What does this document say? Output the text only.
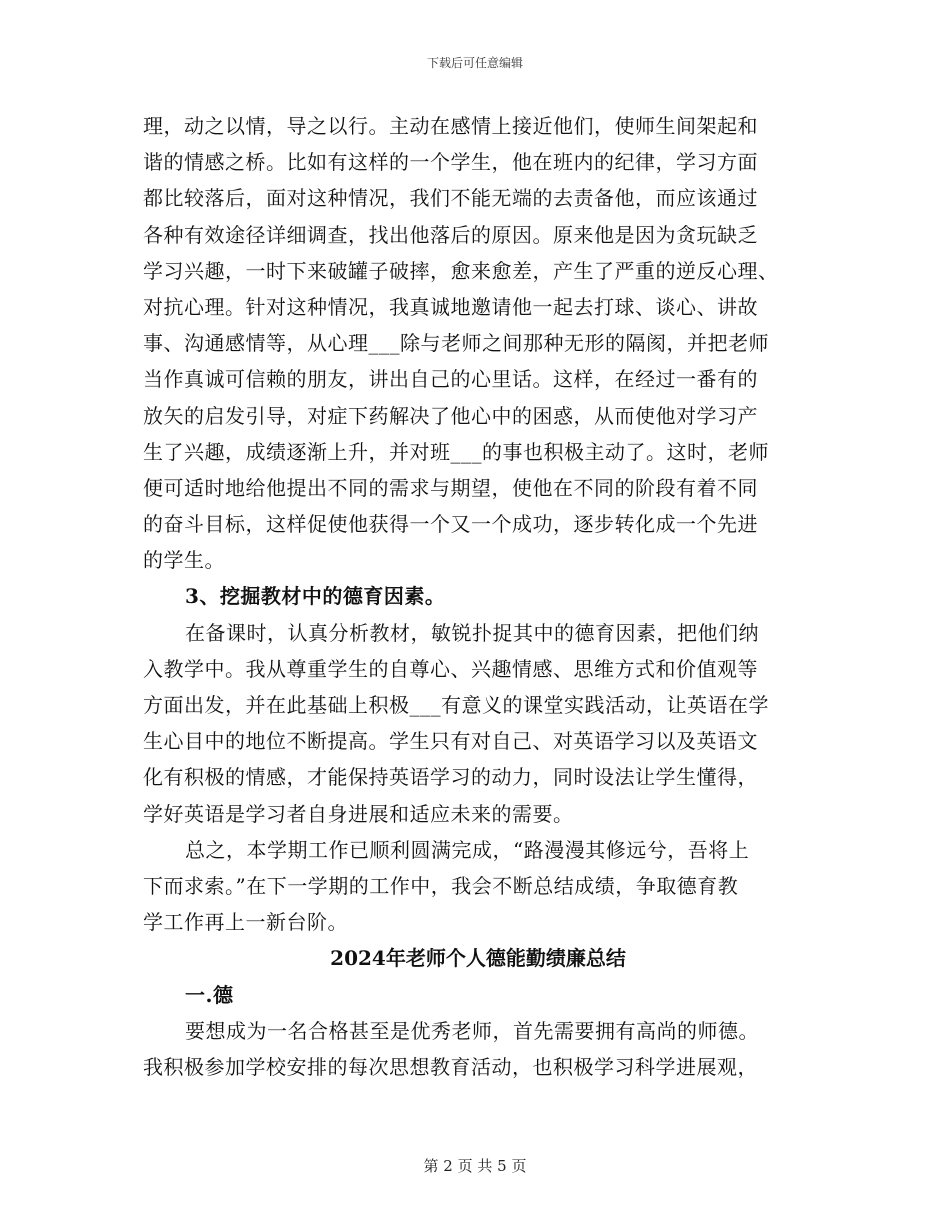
下载后可任意编辑
理，动之以情，导之以行。主动在感情上接近他们，使师生间架起和
谐的情感之桥。比如有这样的一个学生，他在班内的纪律，学习方面
都比较落后，面对这种情况，我们不能无端的去责备他，而应该通过
各种有效途径详细调查，找出他落后的原因。原来他是因为贪玩缺乏
学习兴趣，一时下来破罐子破摔，愈来愈差，产生了严重的逆反心理、
对抗心理。针对这种情况，我真诚地邀请他一起去打球、谈心、讲故
事、沟通感情等，从心理___除与老师之间那种无形的隔阂，并把老师
当作真诚可信赖的朋友，讲出自己的心里话。这样，在经过一番有的
放矢的启发引导，对症下药解决了他心中的困惑，从而使他对学习产
生了兴趣，成绩逐渐上升，并对班___的事也积极主动了。这时，老师
便可适时地给他提出不同的需求与期望，使他在不同的阶段有着不同
的奋斗目标，这样促使他获得一个又一个成功，逐步转化成一个先进
的学生。
3、挖掘教材中的德育因素。
在备课时，认真分析教材，敏锐扑捉其中的德育因素，把他们纳
入教学中。我从尊重学生的自尊心、兴趣情感、思维方式和价值观等
方面出发，并在此基础上积极___有意义的课堂实践活动，让英语在学
生心目中的地位不断提高。学生只有对自己、对英语学习以及英语文
化有积极的情感，才能保持英语学习的动力，同时设法让学生懂得，
学好英语是学习者自身进展和适应未来的需要。
总之，本学期工作已顺利圆满完成，“路漫漫其修远兮，吾将上
下而求索。”在下一学期的工作中，我会不断总结成绩，争取德育教
学工作再上一新台阶。
2024年老师个人德能勤绩廉总结
一.德
要想成为一名合格甚至是优秀老师，首先需要拥有高尚的师德。
我积极参加学校安排的每次思想教育活动，也积极学习科学进展观，
第 2 页 共 5 页
